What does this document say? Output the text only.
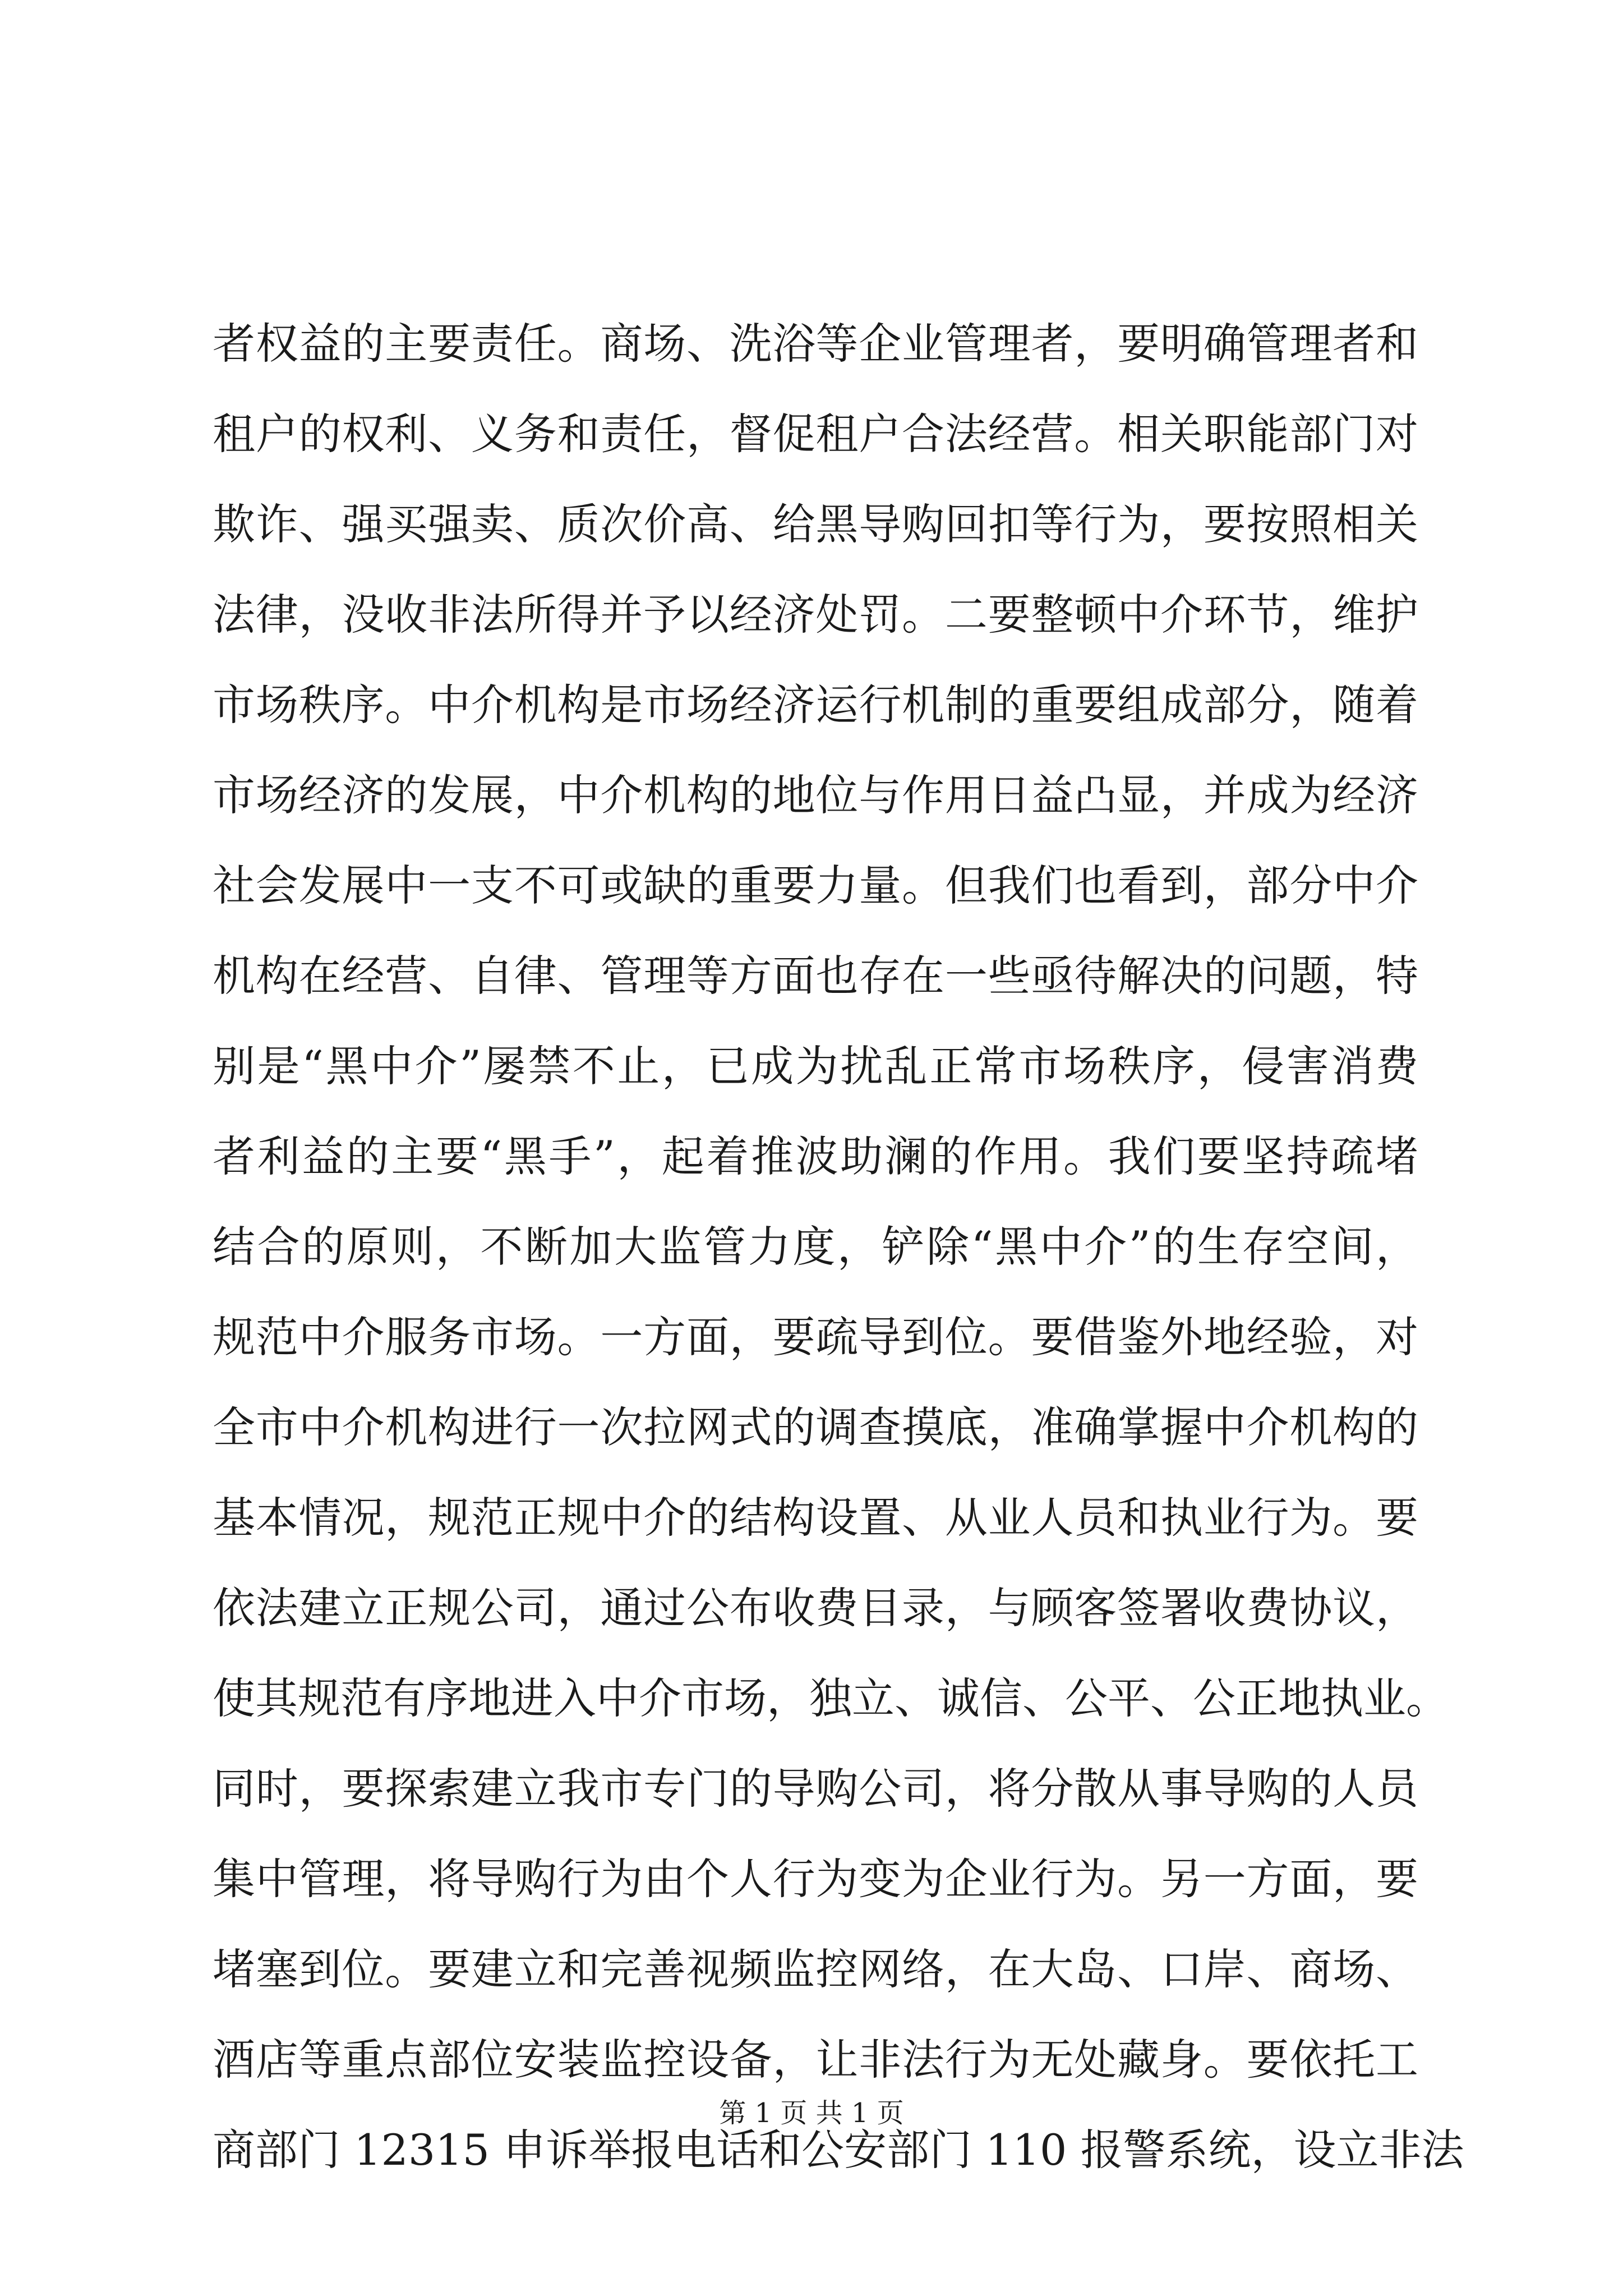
者权益的主要责任。商场、洗浴等企业管理者，要明确管理者和
租户的权利、义务和责任，督促租户合法经营。相关职能部门对
欺诈、强买强卖、质次价高、给黑导购回扣等行为，要按照相关
法律，没收非法所得并予以经济处罚。二要整顿中介环节，维护
市场秩序。中介机构是市场经济运行机制的重要组成部分，随着
市场经济的发展，中介机构的地位与作用日益凸显，并成为经济
社会发展中一支不可或缺的重要力量。但我们也看到，部分中介
机构在经营、自律、管理等方面也存在一些亟待解决的问题，特
别是“黑中介”屡禁不止，已成为扰乱正常市场秩序，侵害消费
者利益的主要“黑手”，起着推波助澜的作用。我们要坚持疏堵
结合的原则，不断加大监管力度，铲除“黑中介”的生存空间，
规范中介服务市场。一方面，要疏导到位。要借鉴外地经验，对
全市中介机构进行一次拉网式的调查摸底，准确掌握中介机构的
基本情况，规范正规中介的结构设置、从业人员和执业行为。要
依法建立正规公司，通过公布收费目录，与顾客签署收费协议，
使其规范有序地进入中介市场，独立、诚信、公平、公正地执业。
同时，要探索建立我市专门的导购公司，将分散从事导购的人员
集中管理，将导购行为由个人行为变为企业行为。另一方面，要
堵塞到位。要建立和完善视频监控网络，在大岛、口岸、商场、
酒店等重点部位安装监控设备，让非法行为无处藏身。要依托工
商部门 12315 申诉举报电话和公安部门 110 报警系统，设立非法
第 1 页 共 1 页
